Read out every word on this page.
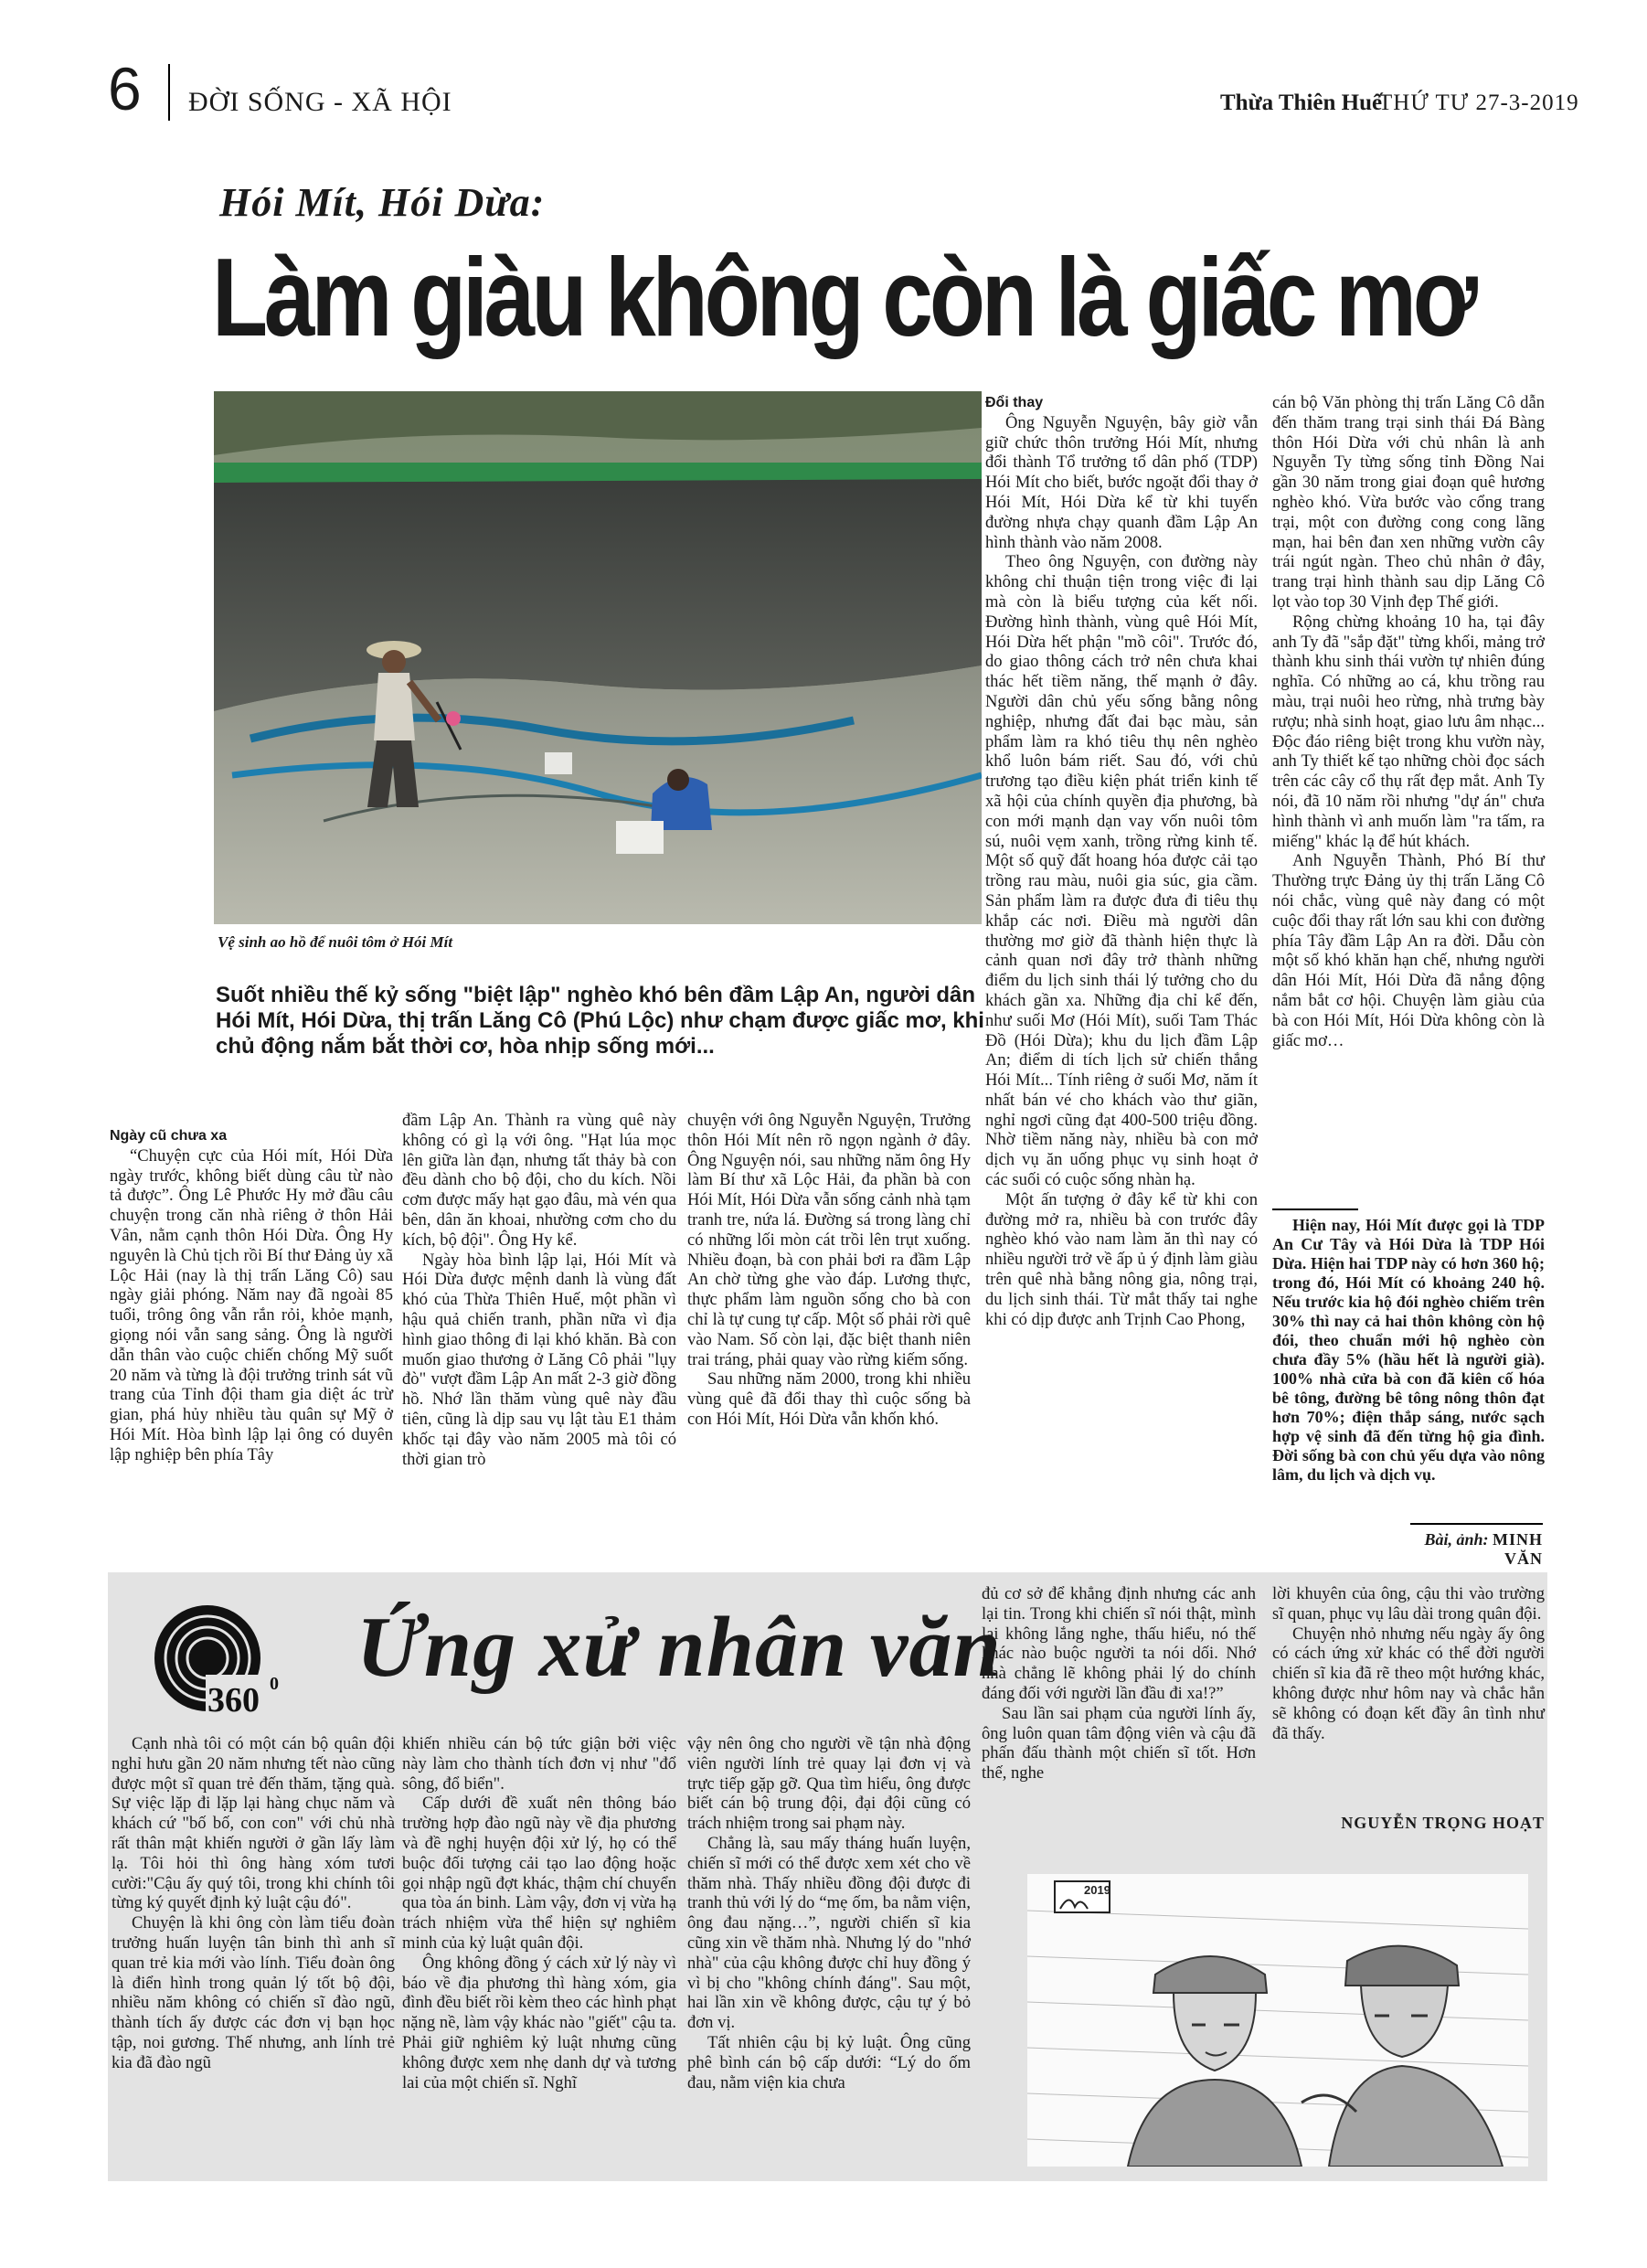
6 ĐỜI SỐNG - XÃ HỘI	Thừa Thiên Huế
THỨ TƯ 27-3-2019
Hói Mít, Hói Dừa:
Làm giàu không còn là giấc mơ
Vệ sinh ao hồ để nuôi tôm ở Hói Mít
Suốt nhiều thế kỷ sống "biệt lập" nghèo khó bên đầm Lập An, người dân Hói Mít, Hói Dừa, thị trấn Lăng Cô (Phú Lộc) như chạm được giấc mơ, khi chủ động nắm bắt thời cơ, hòa nhịp sống mới...
Ngày cũ chưa xa

“Chuyện cực của Hói mít, Hói Dừa ngày trước, không biết dùng câu từ nào tả được”. Ông Lê Phước Hy mở đầu câu chuyện trong căn nhà riêng ở thôn Hải Vân, nằm cạnh thôn Hói Dừa. Ông Hy nguyên là Chủ tịch rồi Bí thư Đảng ủy xã Lộc Hải (nay là thị trấn Lăng Cô) sau ngày giải phóng. Năm nay đã ngoài 85 tuổi, trông ông vẫn rắn rỏi, khỏe mạnh, giọng nói vẫn sang sảng. Ông là người dẫn thân vào cuộc chiến chống Mỹ suốt 20 năm và từng là đội trưởng trinh sát vũ trang của Tỉnh đội tham gia diệt ác trừ gian, phá hủy nhiều tàu quân sự Mỹ ở Hói Mít. Hòa bình lập lại ông có duyên lập nghiệp bên phía Tây

đầm Lập An. Thành ra vùng quê này không có gì lạ với ông. "Hạt lúa mọc lên giữa làn đạn, nhưng tất thảy bà con đều dành cho bộ đội, cho du kích. Nồi cơm được mấy hạt gạo đâu, mà vén qua bên, dân ăn khoai, nhường cơm cho du kích, bộ đội". Ông Hy kể.

Ngày hòa bình lập lại, Hói Mít và Hói Dừa được mệnh danh là vùng đất khó của Thừa Thiên Huế, một phần vì hậu quả chiến tranh, phần nữa vì địa hình giao thông đi lại khó khăn. Bà con muốn giao thương ở Lăng Cô phải "lụy đò" vượt đầm Lập An mất 2-3 giờ đồng hồ. Nhớ lần thăm vùng quê này đầu tiên, cũng là dịp sau vụ lật tàu E1 thảm khốc tại đây vào năm 2005 mà tôi có thời gian trò

chuyện với ông Nguyễn Nguyện, Trưởng thôn Hói Mít nên rõ ngọn ngành ở đây. Ông Nguyện nói, sau những năm ông Hy làm Bí thư xã Lộc Hải, đa phần bà con Hói Mít, Hói Dừa vẫn sống cảnh nhà tạm tranh tre, nứa lá. Đường sá trong làng chỉ có những lối mòn cát trồi lên trụt xuống. Nhiều đoạn, bà con phải bơi ra đầm Lập An chờ từng ghe vào đáp. Lương thực, thực phẩm làm nguồn sống cho bà con chỉ là tự cung tự cấp. Một số phải rời quê vào Nam. Số còn lại, đặc biệt thanh niên trai tráng, phải quay vào rừng kiếm sống.

Sau những năm 2000, trong khi nhiều vùng quê đã đổi thay thì cuộc sống bà con Hói Mít, Hói Dừa vẫn khốn khó.

Đổi thay

Ông Nguyễn Nguyện, bây giờ vẫn giữ chức thôn trưởng Hói Mít, nhưng đổi thành Tổ trưởng tổ dân phố (TDP) Hói Mít cho biết, bước ngoặt đổi thay ở Hói Mít, Hói Dừa kể từ khi tuyến đường nhựa chạy quanh đầm Lập An hình thành vào năm 2008.

Theo ông Nguyện, con đường này không chỉ thuận tiện trong việc đi lại mà còn là biểu tượng của kết nối. Đường hình thành, vùng quê Hói Mít, Hói Dừa hết phận "mồ côi". Trước đó, do giao thông cách trở nên chưa khai thác hết tiềm năng, thế mạnh ở đây. Người dân chủ yếu sống bằng nông nghiệp, nhưng đất đai bạc màu, sản phẩm làm ra khó tiêu thụ nên nghèo khổ luôn bám riết. Sau đó, với chủ trương tạo điều kiện phát triển kinh tế xã hội của chính quyền địa phương, bà con mới mạnh dạn vay vốn nuôi tôm sú, nuôi vẹm xanh, trồng rừng kinh tế. Một số quỹ đất hoang hóa được cải tạo trồng rau màu, nuôi gia súc, gia cầm. Sản phẩm làm ra được đưa đi tiêu thụ khắp các nơi. Điều mà người dân thường mơ giờ đã thành hiện thực là cảnh quan nơi đây trở thành những điểm du lịch sinh thái lý tưởng cho du khách gần xa. Những địa chỉ kể đến, như suối Mơ (Hói Mít), suối Tam Thác Đồ (Hói Dừa); khu du lịch đầm Lập An; điểm di tích lịch sử chiến thắng Hói Mít... Tính riêng ở suối Mơ, năm ít nhất bán vé cho khách vào thư giãn, nghỉ ngơi cũng đạt 400-500 triệu đồng. Nhờ tiềm năng này, nhiều bà con mở dịch vụ ăn uống phục vụ sinh hoạt ở các suối có cuộc sống nhàn hạ.

Một ấn tượng ở đây kể từ khi con đường mở ra, nhiều bà con trước đây nghèo khó vào nam làm ăn thì nay có nhiều người trở về ấp ủ ý định làm giàu trên quê nhà bằng nông gia, nông trại, du lịch sinh thái. Từ mắt thấy tai nghe khi có dịp được anh Trịnh Cao Phong,

cán bộ Văn phòng thị trấn Lăng Cô dẫn đến thăm trang trại sinh thái Đá Bàng thôn Hói Dừa với chủ nhân là anh Nguyễn Ty từng sống tỉnh Đồng Nai gần 30 năm trong giai đoạn quê hương nghèo khó. Vừa bước vào cổng trang trại, một con đường cong cong lãng mạn, hai bên đan xen những vườn cây trái ngút ngàn. Theo chủ nhân ở đây, trang trại hình thành sau dịp Lăng Cô lọt vào top 30 Vịnh đẹp Thế giới.

Rộng chừng khoảng 10 ha, tại đây anh Ty đã "sắp đặt" từng khối, mảng trở thành khu sinh thái vườn tự nhiên đúng nghĩa. Có những ao cá, khu trồng rau màu, trại nuôi heo rừng, nhà trưng bày rượu; nhà sinh hoạt, giao lưu âm nhạc... Độc đáo riêng biệt trong khu vườn này, anh Ty thiết kế tạo những chòi đọc sách trên các cây cổ thụ rất đẹp mắt. Anh Ty nói, đã 10 năm rồi nhưng "dự án" chưa hình thành vì anh muốn làm "ra tấm, ra miếng" khác lạ để hút khách.

Anh Nguyễn Thành, Phó Bí thư Thường trực Đảng ủy thị trấn Lăng Cô nói chắc, vùng quê này đang có một cuộc đổi thay rất lớn sau khi con đường phía Tây đầm Lập An ra đời. Dẫu còn một số khó khăn hạn chế, nhưng người dân Hói Mít, Hói Dừa đã nắng động nắm bắt cơ hội. Chuyện làm giàu của bà con Hói Mít, Hói Dừa không còn là giấc mơ…

Hiện nay, Hói Mít được gọi là TDP An Cư Tây và Hói Dừa là TDP Hói Dừa. Hiện hai TDP này có hơn 360 hộ; trong đó, Hói Mít có khoảng 240 hộ. Nếu trước kia hộ đói nghèo chiếm trên 30% thì nay cả hai thôn không còn hộ đói, theo chuẩn mới hộ nghèo còn chưa đầy 5% (hầu hết là người già). 100% nhà cửa bà con đã kiên cố hóa bê tông, đường bê tông nông thôn đạt hơn 70%; điện thắp sáng, nước sạch hợp vệ sinh đã đến từng hộ gia đình. Đời sống bà con chủ yếu dựa vào nông lâm, du lịch và dịch vụ.

Bài, ảnh: MINH VĂN
360 0 Ứng xử nhân văn

Cạnh nhà tôi có một cán bộ quân đội nghỉ hưu gần 20 năm nhưng tết nào cũng được một sĩ quan trẻ đến thăm, tặng quà. Sự việc lặp đi lặp lại hàng chục năm và khách cứ "bố bố, con con" với chủ nhà rất thân mật khiến người ở gần lấy làm lạ. Tôi hỏi thì ông hàng xóm tươi cười:"Cậu ấy quý tôi, trong khi chính tôi từng ký quyết định kỷ luật cậu đó".

Chuyện là khi ông còn làm tiểu đoàn trưởng huấn luyện tân binh thì anh sĩ quan trẻ kia mới vào lính. Tiểu đoàn ông là điển hình trong quản lý tốt bộ đội, nhiều năm không có chiến sĩ đào ngũ, thành tích ấy được các đơn vị bạn học tập, noi gương. Thế nhưng, anh lính trẻ kia đã đào ngũ

khiến nhiều cán bộ tức giận bởi việc này làm cho thành tích đơn vị như "đổ sông, đổ biển".

Cấp dưới đề xuất nên thông báo trường hợp đào ngũ này về địa phương và đề nghị huyện đội xử lý, họ có thể buộc đối tượng cải tạo lao động hoặc gọi nhập ngũ đợt khác, thậm chí chuyển qua tòa án binh. Làm vậy, đơn vị vừa hạ trách nhiệm vừa thể hiện sự nghiêm minh của kỷ luật quân đội.

Ông không đồng ý cách xử lý này vì báo về địa phương thì hàng xóm, gia đình đều biết rồi kèm theo các hình phạt nặng nề, làm vậy khác nào "giết" cậu ta. Phải giữ nghiêm kỷ luật nhưng cũng không được xem nhẹ danh dự và tương lai của một chiến sĩ. Nghĩ

vậy nên ông cho người về tận nhà động viên người lính trẻ quay lại đơn vị và trực tiếp gặp gỡ. Qua tìm hiểu, ông được biết cán bộ trung đội, đại đội cũng có trách nhiệm trong sai phạm này.

Chẳng là, sau mấy tháng huấn luyện, chiến sĩ mới có thể được xem xét cho về thăm nhà. Thấy nhiều đồng đội được đi tranh thủ với lý do “mẹ ốm, ba nằm viện, ông đau nặng…”, người chiến sĩ kia cũng xin về thăm nhà. Nhưng lý do "nhớ nhà" của cậu không được chỉ huy đồng ý vì bị cho "không chính đáng". Sau một, hai lần xin về không được, cậu tự ý bỏ đơn vị.

Tất nhiên cậu bị kỷ luật. Ông cũng phê bình cán bộ cấp dưới: “Lý do ốm đau, nằm viện kia chưa

đủ cơ sở để khẳng định nhưng các anh lại tin. Trong khi chiến sĩ nói thật, mình lại không lắng nghe, thấu hiểu, nó thế khác nào buộc người ta nói dối. Nhớ nhà chẳng lẽ không phải lý do chính đáng đối với người lần đầu đi xa!?”

Sau lần sai phạm của người lính ấy, ông luôn quan tâm động viên và cậu đã phấn đấu thành một chiến sĩ tốt. Hơn thế, nghe

lời khuyên của ông, cậu thi vào trường sĩ quan, phục vụ lâu dài trong quân đội.

Chuyện nhỏ nhưng nếu ngày ấy ông có cách ứng xử khác có thể đời người chiến sĩ kia đã rẽ theo một hướng khác, không được như hôm nay và chắc hẳn sẽ không có đoạn kết đầy ân tình như đã thấy.

NGUYỄN TRỌNG HOẠT
2019
